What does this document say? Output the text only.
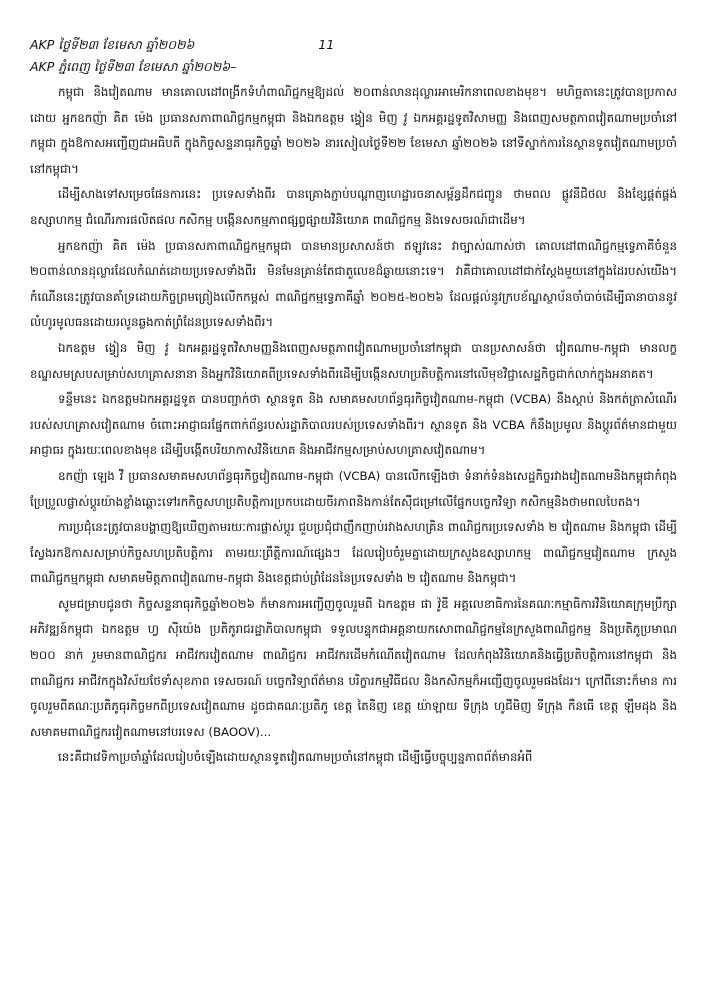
AKP ថ្ងៃទី២៣ ខែមេសា ឆ្នាំ២០២៦	11
AKP ភ្នំពេញ ថ្ងៃទី២៣ ខែមេសា ឆ្នាំ២០២៦–

កម្ពុជា និងវៀតណាម មានគោលដៅពង្រីកទំហំពាណិជ្ជកម្មឱ្យដល់ ២០ពាន់លានដុល្លារអាមេរិកនាពេលខាងមុខ។ មហិច្ឆតានេះត្រូវបានប្រកាសដោយ អ្នកឧកញ៉ា គិត ម៉េង ប្រធានសភាពាណិជ្ជកម្មកម្ពុជា និងឯកឧត្តម ង្វៀន មិញ វូ ឯកអគ្គរដ្ឋទូតវិសាមញ្ញ និងពេញសមត្ថភាពវៀតណាមប្រចាំនៅកម្ពុជា ក្នុងឱកាសអញ្ជើញជាអធិបតី ក្នុងកិច្ចសន្ទនាធុរកិច្ចឆ្នាំ ២០២៦ នារសៀលថ្ងៃទី២២ ខែមេសា ឆ្នាំ២០២៦ នៅទីស្នាក់ការនៃស្ថានទូតវៀតណាមប្រចាំនៅកម្ពុជា។

ដើម្បីសាងទៅសម្រេចផែនការនេះ ប្រទេសទាំងពីរ បានគ្រោងភ្ជាប់បណ្តាញហេដ្ឋារចនាសម្ព័ន្ធដឹកជញ្ជូន ថាមពល ផ្លូវនីជិថល និងខ្សែផ្គត់ផ្គង់ឧស្សាហកម្ម ជំណើរការផលិតផល កសិកម្ម បង្កើនសកម្មភាពផ្សព្វផ្សាយវិនិយោគ ពាណិជ្ជកម្ម និងទេសចរណ៍ជាដើម។

អ្នកឧកញ៉ា គិត ម៉េង ប្រធានសភាពាណិជ្ជកម្មកម្ពុជា បានមានប្រសាសន៍ថា ឥឡូវនេះ វាច្បាស់ណាស់ថា គោលដៅពាណិជ្ជកម្មទ្វេភាគីចំនួន ២០ពាន់លានដុល្លារដែលកំណត់ដោយប្រទេសទាំងពីរ មិនមែនគ្រាន់តែជាតួលេខដ៏ឆ្ងាយនោះទេ។ វាគឺជាគោលដៅជាក់ស្តែងមួយនៅក្នុងដៃរបស់យើង។ កំណើននេះត្រូវបានគាំទ្រដោយកិច្ចព្រមព្រៀងលើកកម្ពស់ ពាណិជ្ជកម្មទ្វេភាគីឆ្នាំ ២០២៥-២០២៦ ដែលផ្តល់នូវក្របខ័ណ្ឌស្ថាប័នចាំបាច់ដើម្បីធានាបាននូវលំហូរមូលធនដោយរលូនឆ្លងកាត់ព្រំដែនប្រទេសទាំងពីរ។

ឯកឧត្តម ង្វៀន មិញ វូ ឯកអគ្គរដ្ឋទូតវិសាមញ្ញនិងពេញសមត្ថភាពវៀតណាមប្រចាំនៅកម្ពុជា បានប្រសាសន៍ថា វៀតណាម-កម្ពុជា មានលក្ខខណ្ឌសមស្របសម្រាប់សហគ្រាសនានា និងអ្នកវិនិយោគពីប្រទេសទាំងពីរដើម្បីបង្កើនសហប្រតិបត្តិការនៅលើមុខវិជ្ជាសេដ្ឋកិច្ចជាក់លាក់ក្នុងអនាគត។

ទន្ទឹមនេះ ឯកឧត្តមឯកអគ្គរដ្ឋទូត បានបញ្ជាក់ថា ស្ថានទូត និង សមាគមសហព័ន្ធធុរកិច្ចវៀតណាម-កម្ពុជា (VCBA) នឹងស្តាប់ និងកត់ត្រាសំណើរ របស់សហគ្រាសវៀតណាម ចំពោះអាជ្ញាធរផ្នែកពាក់ព័ន្ធរបស់រដ្ឋាភិបាលរបស់ប្រទេសទាំងពីរ។ ស្ថានទូត និង VCBA ក៏នឹងប្រមូល និងប្តូរព័ត៌មានជាមួយអាជ្ញាធរ ក្នុងរយៈពេលខាងមុខ ដើម្បីបង្កើតបរិយាកាសវិនិយោគ និងអាជីវកម្មសម្រាប់សហគ្រាសវៀតណាម។

ឧកញ៉ា ឡេង វី ប្រធានសមាគមសហព័ន្ធធុរកិច្ចវៀតណាម-កម្ពុជា (VCBA) បានលើកឡើងថា ទំនាក់ទំនងសេដ្ឋកិច្ចរវាងវៀតណាមនិងកម្ពុជាកំពុងប្រែប្រួលផ្លាស់ប្តូរយ៉ាងខ្លាំងឆ្ពោះទៅរកកិច្ចសហប្រតិបត្តិការប្រកបដោយចីរភាពនិងកាន់តែស៊ីជម្រៅលើផ្នែកបច្ចេកវិទ្យា កសិកម្មនិងថាមពលបៃតង។

ការប្រជុំនេះត្រូវបានបង្ហាញឱ្យឃើញតាមរយៈការផ្លាស់ប្តូរ ជួបប្រជុំជាញឹកញាប់រវាងសហគ្រិន ពាណិជ្ជករប្រទេសទាំង ២ វៀតណាម និងកម្ពុជា ដើម្បីស្វែងរកឱកាសសម្រាប់កិច្ចសហប្រតិបត្តិការ តាមរយៈព្រឹត្តិការណ៍ផ្សេងៗ ដែលរៀបចំរួមគ្នាដោយក្រសួងឧស្សាហកម្ម ពាណិជ្ជកម្មវៀតណាម ក្រសួងពាណិជ្ជកម្មកម្ពុជា សមាគមមិត្តភាពវៀតណាម-កម្ពុជា និងខេត្តជាប់ព្រំដែននៃប្រទេសទាំង ២ វៀតណាម និងកម្ពុជា។

សូមជម្រាបជូនថា កិច្ចសន្ទនាធុរកិច្ចឆ្នាំ២០២៦ ក៏មានការអញ្ជើញចូលរួមពី ឯកឧត្តម ផា វ៉ូឌី អគ្គលេខាធិការនៃគណៈកម្មាធិការវិនិយោគក្រុមប្រឹក្សាអភិវឌ្ឍន៍កម្ពុជា ឯកឧត្តម ហ្វ ស៊ីយ៉េង ប្រតិភូរាជរដ្ឋាភិបាលកម្ពុជា ទទួលបន្ទុកជាអគ្គនាយកសោពាណិជ្ជកម្មនៃក្រសួងពាណិជ្ជកម្ម និងប្រតិភូប្រមាណ ២០០ នាក់ រួមមានពាណិជ្ជករ អាជីវករវៀតណាម ពាណិជ្ជករ អាជីវករដើមកំណើតវៀតណាម ដែលកំពុងវិនិយោគនិងធ្វើប្រតិបត្តិការនៅកម្ពុជា និងពាណិជ្ជករ អាជីវកក្នុងវិស័យថែទាំសុខភាព ទេសចរណ៍ បច្ចេកវិទ្យាព័ត៌មាន បរិក្ខារកម្មវិធីជល និងកសិកម្មក៏អញ្ជើញចូលរួមផងដែរ។ ក្រៅពីនោះក៏មាន ការចូលរួមពីគណៈប្រតិភូធុរកិច្ចមកពីប្រទេសវៀតណាម ដូចជាគណៈប្រតិភូ ខេត្ត តៃនិញ ខេត្ត យ៉ាឡាយ ទីក្រុង ហូជីមិញ ទីក្រុង កឺនធើ ខេត្ត ឡឹមដុង និងសមាគមពាណិជ្ជករវៀតណាមនៅបរទេស (BAOOV)...

នេះគឺជាវេទិកាប្រចាំឆ្នាំដែលរៀបចំឡើងដោយស្ថានទូតវៀតណាមប្រចាំនៅកម្ពុជា ដើម្បីធ្វើបច្ចុប្បន្នភាពព័ត៌មានអំពី
